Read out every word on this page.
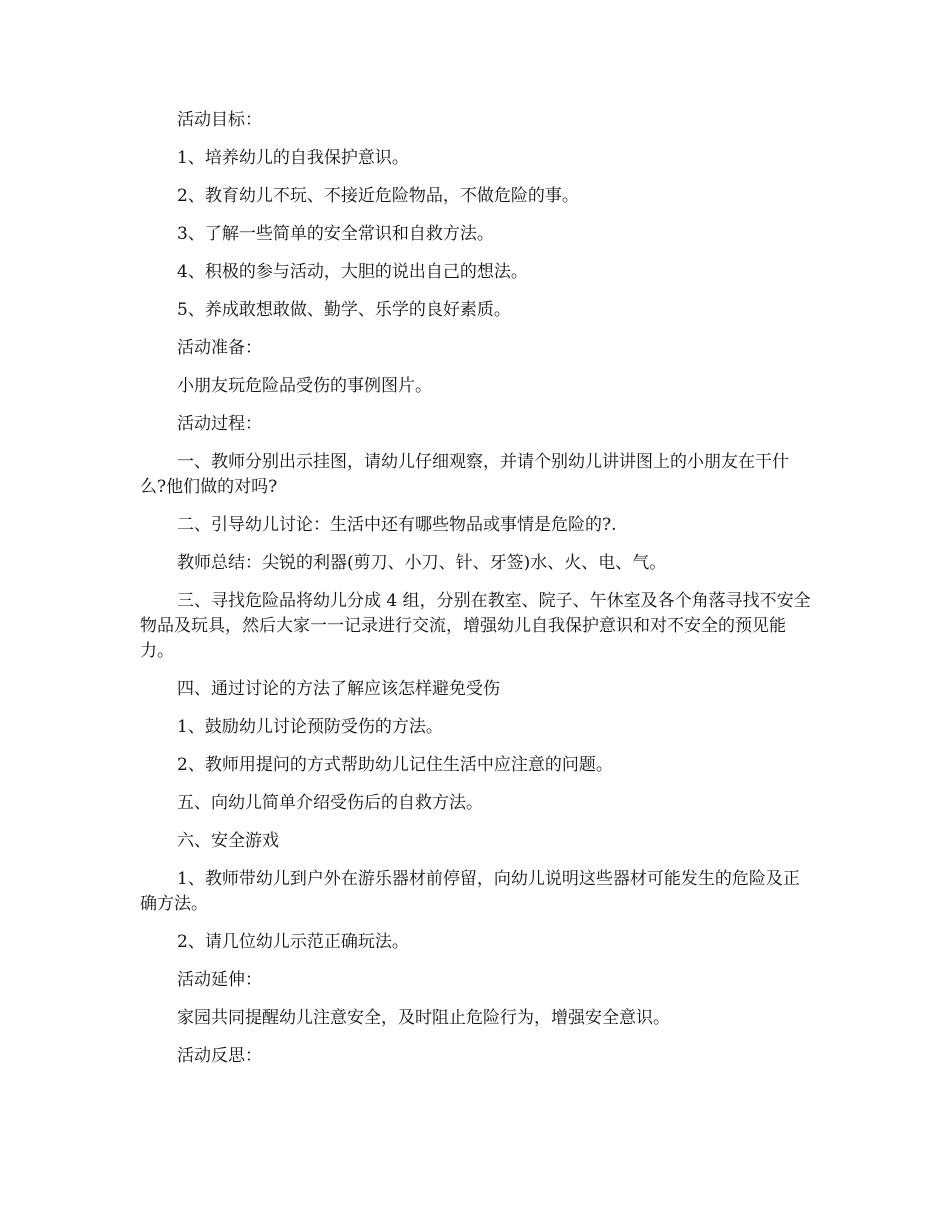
活动目标：

1、培养幼儿的自我保护意识。

2、教育幼儿不玩、不接近危险物品，不做危险的事。

3、了解一些简单的安全常识和自救方法。

4、积极的参与活动，大胆的说出自己的想法。

5、养成敢想敢做、勤学、乐学的良好素质。

活动准备：

小朋友玩危险品受伤的事例图片。

活动过程：

一、教师分别出示挂图，请幼儿仔细观察，并请个别幼儿讲讲图上的小朋友在干什么?他们做的对吗?

二、引导幼儿讨论：生活中还有哪些物品或事情是危险的?.

教师总结：尖锐的利器(剪刀、小刀、针、牙签)水、火、电、气。

三、寻找危险品将幼儿分成 4 组，分别在教室、院子、午休室及各个角落寻找不安全物品及玩具，然后大家一一记录进行交流，增强幼儿自我保护意识和对不安全的预见能力。

四、通过讨论的方法了解应该怎样避免受伤

1、鼓励幼儿讨论预防受伤的方法。

2、教师用提问的方式帮助幼儿记住生活中应注意的问题。

五、向幼儿简单介绍受伤后的自救方法。

六、安全游戏

1、教师带幼儿到户外在游乐器材前停留，向幼儿说明这些器材可能发生的危险及正确方法。

2、请几位幼儿示范正确玩法。

活动延伸：

家园共同提醒幼儿注意安全，及时阻止危险行为，增强安全意识。

活动反思：
